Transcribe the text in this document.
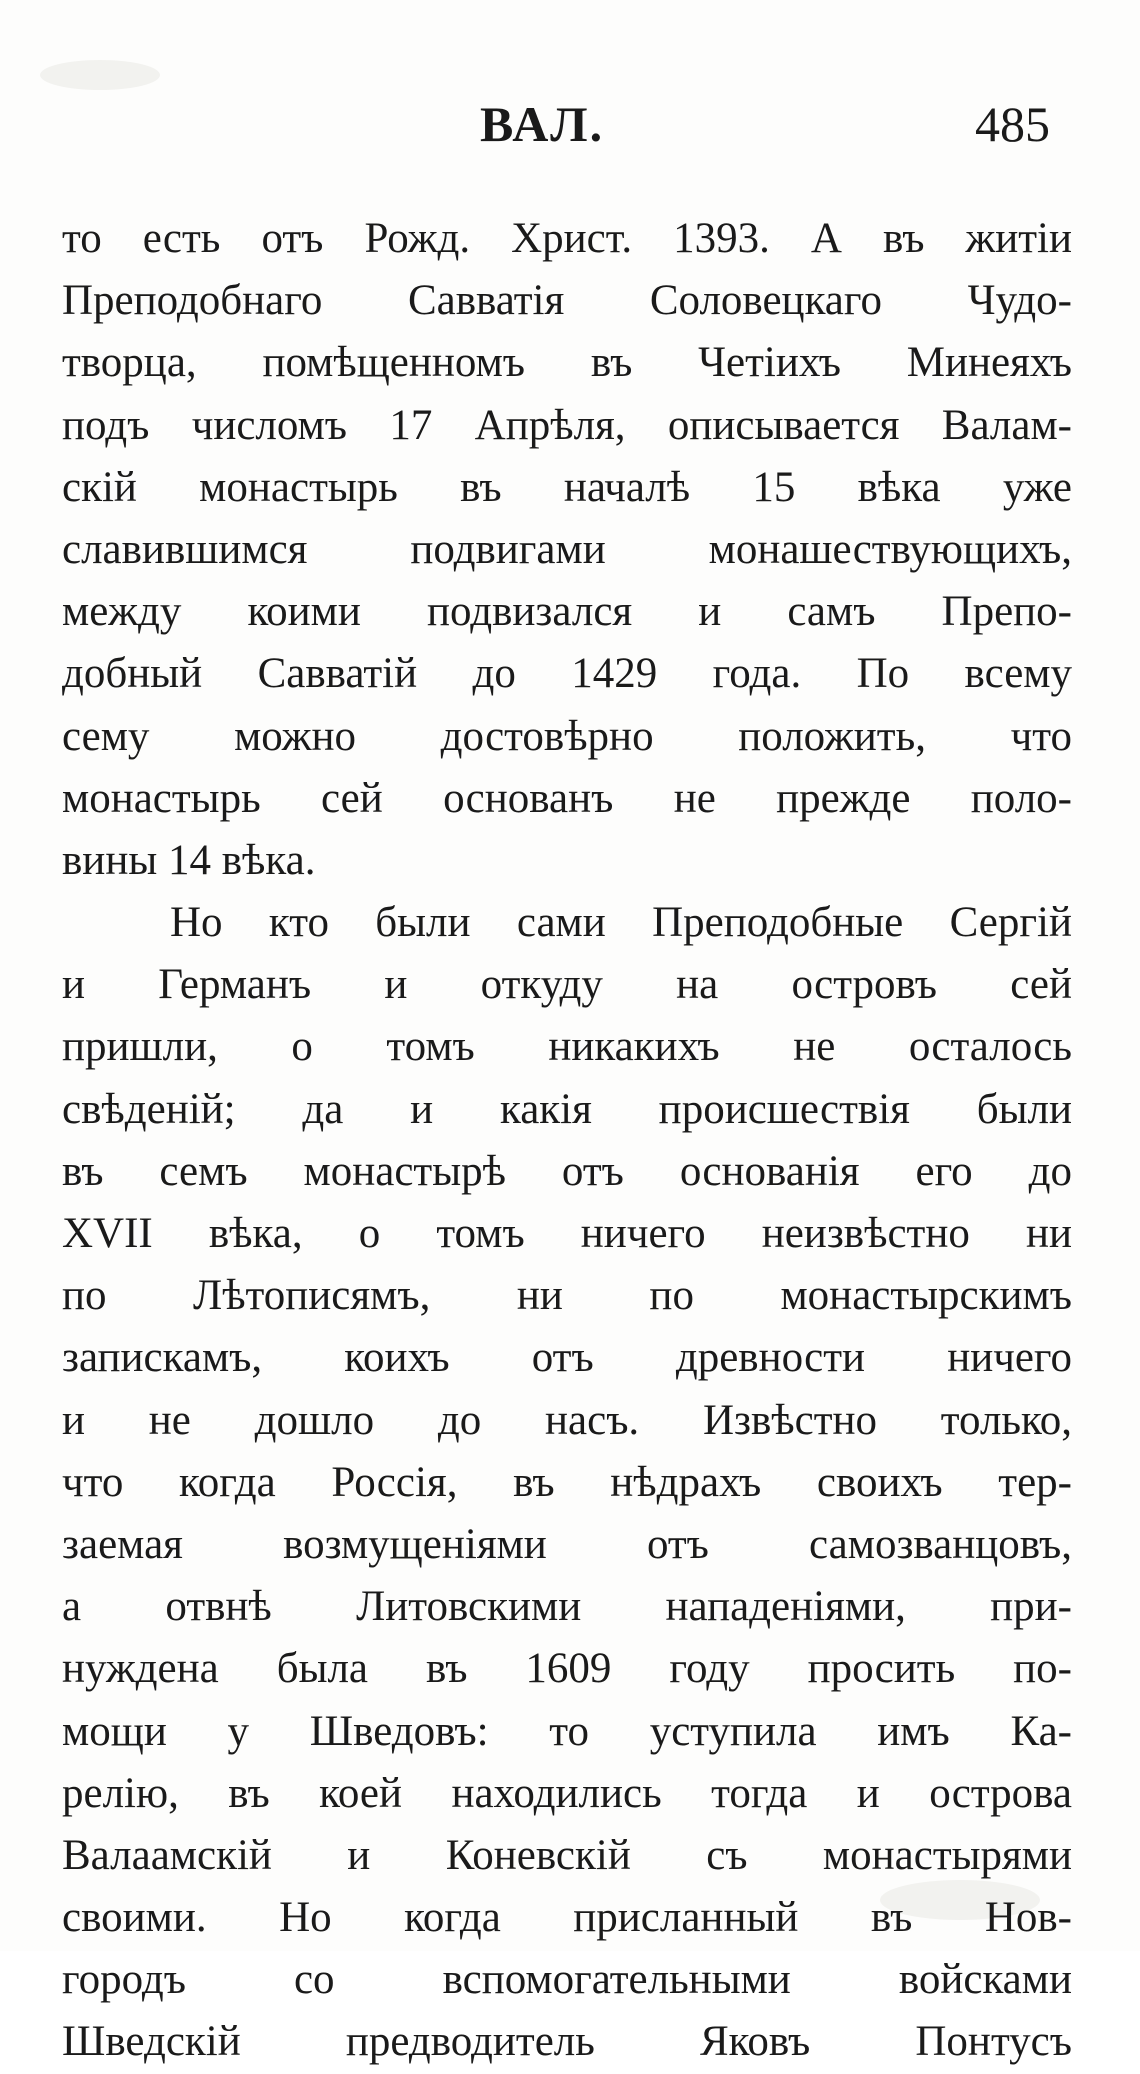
ВАЛ.	485
то есть отъ Рожд. Христ. 1393. А въ житіи
Преподобнаго Савватія Соловецкаго Чудо-
творца, помѣщенномъ въ Четіихъ Минеяхъ
подъ числомъ 17 Апрѣля, описывается Валам-
скій монастырь въ началѣ 15 вѣка уже
славившимся подвигами монашествующихъ,
между коими подвизался и самъ Препо-
добный Савватій до 1429 года. По всему
сему можно достовѣрно положить, что
монастырь сей основанъ не прежде поло-
вины 14 вѣка.
Но кто были сами Преподобные Сергій
и Германъ и откуду на островъ сей
пришли, о томъ никакихъ не осталось
свѣденій; да и какія происшествія были
въ семъ монастырѣ отъ основанія его до
XVII вѣка, о томъ ничего неизвѣстно ни
по Лѣтописямъ, ни по монастырскимъ
запискамъ, коихъ отъ древности ничего
и не дошло до насъ. Извѣстно только,
что когда Россія, въ нѣдрахъ своихъ тер-
заемая возмущеніями отъ самозванцовъ,
а отвнѣ Литовскими нападеніями, при-
нуждена была въ 1609 году просить по-
мощи у Шведовъ: то уступила имъ Ка-
релію, въ коей находились тогда и острова
Валаамскій и Коневскій съ монастырями
своими. Но когда присланный въ Нов-
городъ со вспомогательными войсками
Шведскій предводитель Яковъ Понтусъ
